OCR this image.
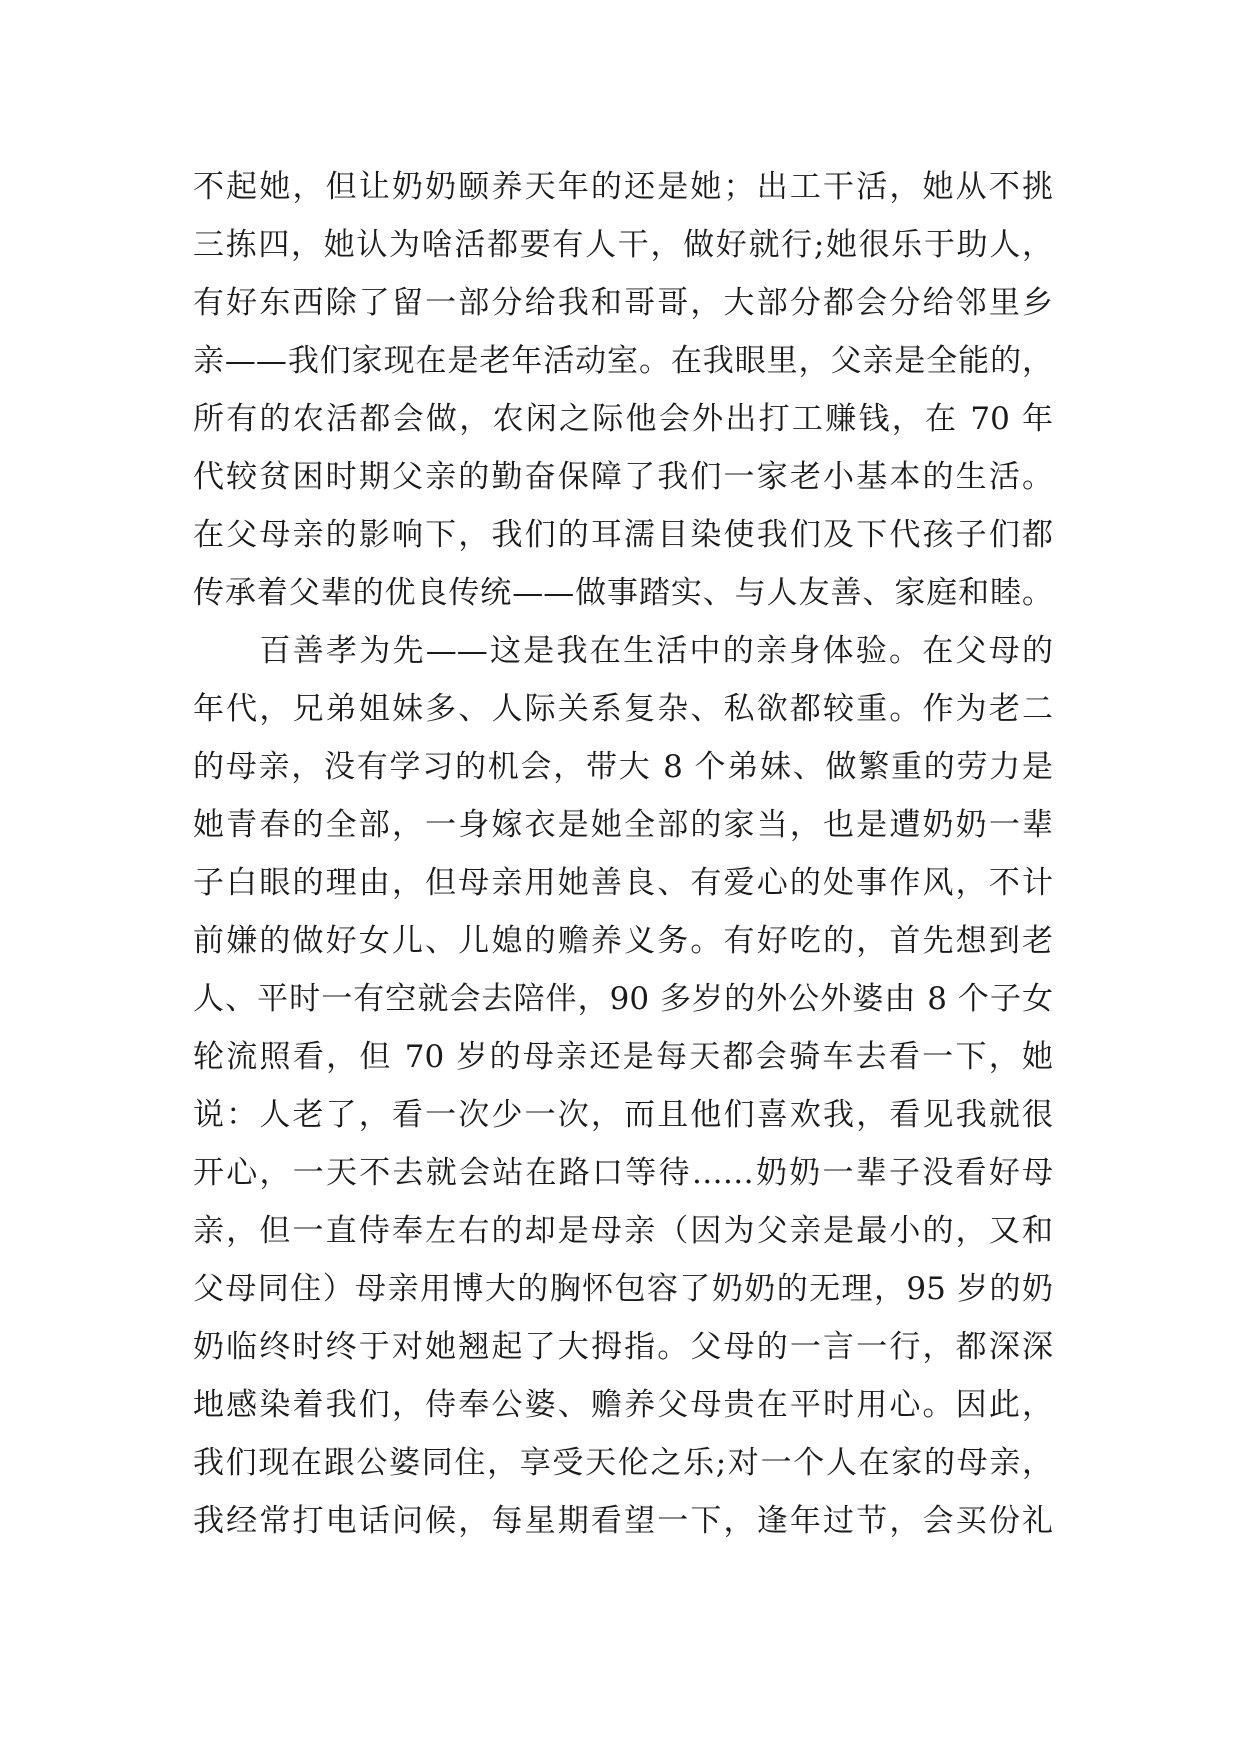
不起她，但让奶奶颐养天年的还是她；出工干活，她从不挑
三拣四，她认为啥活都要有人干，做好就行;她很乐于助人，
有好东西除了留一部分给我和哥哥，大部分都会分给邻里乡
亲——我们家现在是老年活动室。在我眼里，父亲是全能的，
所有的农活都会做，农闲之际他会外出打工赚钱，在 70 年
代较贫困时期父亲的勤奋保障了我们一家老小基本的生活。
在父母亲的影响下，我们的耳濡目染使我们及下代孩子们都
传承着父辈的优良传统——做事踏实、与人友善、家庭和睦。
　　百善孝为先——这是我在生活中的亲身体验。在父母的
年代，兄弟姐妹多、人际关系复杂、私欲都较重。作为老二
的母亲，没有学习的机会，带大 8 个弟妹、做繁重的劳力是
她青春的全部，一身嫁衣是她全部的家当，也是遭奶奶一辈
子白眼的理由，但母亲用她善良、有爱心的处事作风，不计
前嫌的做好女儿、儿媳的赡养义务。有好吃的，首先想到老
人、平时一有空就会去陪伴，90 多岁的外公外婆由 8 个子女
轮流照看，但 70 岁的母亲还是每天都会骑车去看一下，她
说：人老了，看一次少一次，而且他们喜欢我，看见我就很
开心，一天不去就会站在路口等待……奶奶一辈子没看好母
亲，但一直侍奉左右的却是母亲（因为父亲是最小的，又和
父母同住）母亲用博大的胸怀包容了奶奶的无理，95 岁的奶
奶临终时终于对她翘起了大拇指。父母的一言一行，都深深
地感染着我们，侍奉公婆、赡养父母贵在平时用心。因此，
我们现在跟公婆同住，享受天伦之乐;对一个人在家的母亲，
我经常打电话问候，每星期看望一下，逢年过节，会买份礼
